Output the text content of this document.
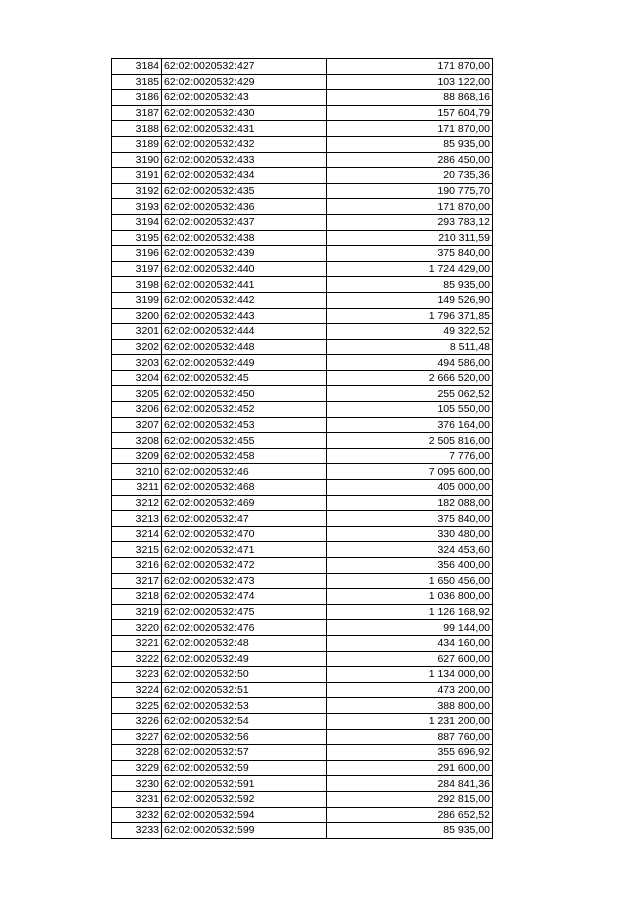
3184	62:02:0020532:427	171 870,00
3185	62:02:0020532:429	103 122,00
3186	62:02:0020532:43	88 868,16
3187	62:02:0020532:430	157 604,79
3188	62:02:0020532:431	171 870,00
3189	62:02:0020532:432	85 935,00
3190	62:02:0020532:433	286 450,00
3191	62:02:0020532:434	20 735,36
3192	62:02:0020532:435	190 775,70
3193	62:02:0020532:436	171 870,00
3194	62:02:0020532:437	293 783,12
3195	62:02:0020532:438	210 311,59
3196	62:02:0020532:439	375 840,00
3197	62:02:0020532:440	1 724 429,00
3198	62:02:0020532:441	85 935,00
3199	62:02:0020532:442	149 526,90
3200	62:02:0020532:443	1 796 371,85
3201	62:02:0020532:444	49 322,52
3202	62:02:0020532:448	8 511,48
3203	62:02:0020532:449	494 586,00
3204	62:02:0020532:45	2 666 520,00
3205	62:02:0020532:450	255 062,52
3206	62:02:0020532:452	105 550,00
3207	62:02:0020532:453	376 164,00
3208	62:02:0020532:455	2 505 816,00
3209	62:02:0020532:458	7 776,00
3210	62:02:0020532:46	7 095 600,00
3211	62:02:0020532:468	405 000,00
3212	62:02:0020532:469	182 088,00
3213	62:02:0020532:47	375 840,00
3214	62:02:0020532:470	330 480,00
3215	62:02:0020532:471	324 453,60
3216	62:02:0020532:472	356 400,00
3217	62:02:0020532:473	1 650 456,00
3218	62:02:0020532:474	1 036 800,00
3219	62:02:0020532:475	1 126 168,92
3220	62:02:0020532:476	99 144,00
3221	62:02:0020532:48	434 160,00
3222	62:02:0020532:49	627 600,00
3223	62:02:0020532:50	1 134 000,00
3224	62:02:0020532:51	473 200,00
3225	62:02:0020532:53	388 800,00
3226	62:02:0020532:54	1 231 200,00
3227	62:02:0020532:56	887 760,00
3228	62:02:0020532:57	355 696,92
3229	62:02:0020532:59	291 600,00
3230	62:02:0020532:591	284 841,36
3231	62:02:0020532:592	292 815,00
3232	62:02:0020532:594	286 652,52
3233	62:02:0020532:599	85 935,00
